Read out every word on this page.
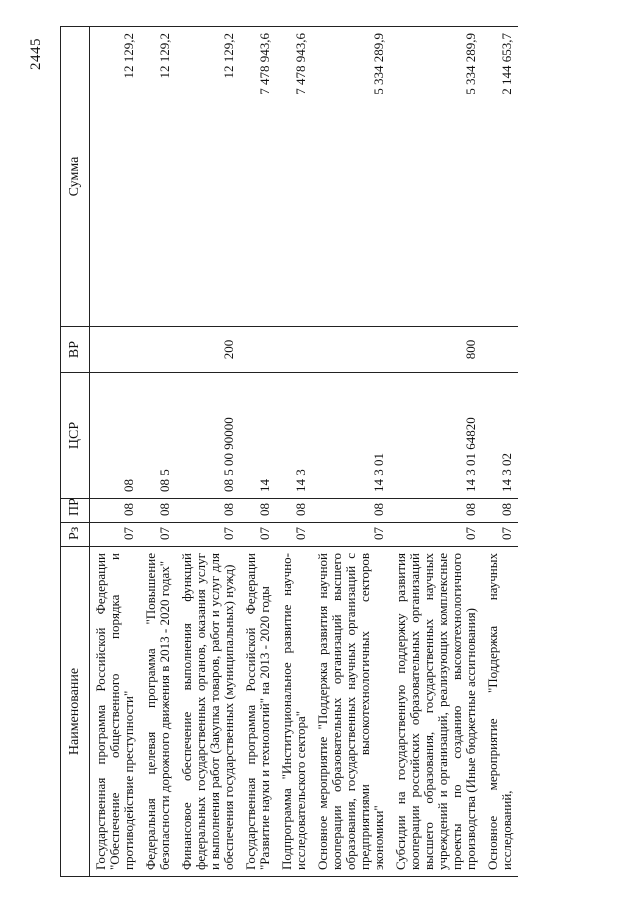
2445
Наименование	Рз	ПР	ЦСР	ВР	Сумма
Государственная программа Российской Федерации "Обеспечение общественного порядка и противодействие преступности"	07	08	08		12 129,2
Федеральная целевая программа "Повышение безопасности дорожного движения в 2013 - 2020 годах"	07	08	08 5		12 129,2
Финансовое обеспечение выполнения функций федеральных государственных органов, оказания услуг и выполнения работ (Закупка товаров, работ и услуг для обеспечения государственных (муниципальных) нужд)	07	08	08 5 00 90000	200	12 129,2
Государственная программа Российской Федерации "Развитие науки и технологий" на 2013 - 2020 годы	07	08	14		7 478 943,6
Подпрограмма "Институциональное развитие научно-исследовательского сектора"	07	08	14 3		7 478 943,6
Основное мероприятие "Поддержка развития научной кооперации образовательных организаций высшего образования, государственных научных организаций с предприятиями высокотехнологичных секторов экономики"	07	08	14 3 01		5 334 289,9
Субсидии на государственную поддержку развития кооперации российских образовательных организаций высшего образования, государственных научных учреждений и организаций, реализующих комплексные проекты по созданию высокотехнологичного производства (Иные бюджетные ассигнования)	07	08	14 3 01 64820	800	5 334 289,9
Основное мероприятие "Поддержка научных исследований,	07	08	14 3 02		2 144 653,7
